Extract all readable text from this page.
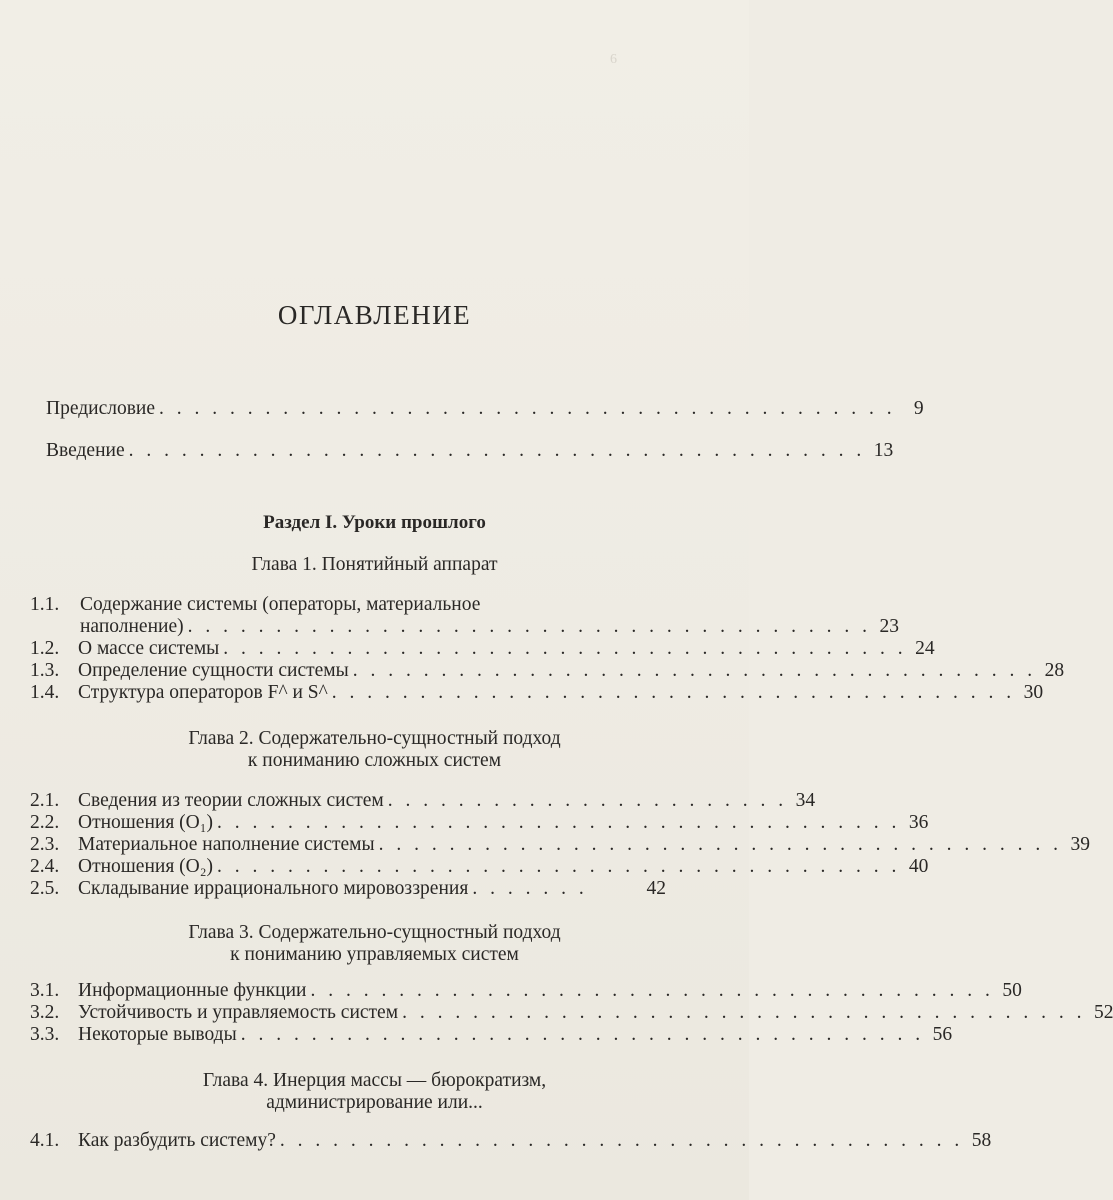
6
ОГЛАВЛЕНИЕ
Предисловие . . . . . . . . . . . . . . . . . . . . . . . . . . . . . . . . . . . . . . . . . . 9
Введение . . . . . . . . . . . . . . . . . . . . . . . . . . . . . . . . . . . . . . . . . . 13
Раздел I. Уроки прошлого
Глава 1. Понятийный аппарат
1.1. Содержание системы (операторы, материальное
наполнение) . . . . . . . . . . . . . . . . . . . . . . . . . . . . . . . . . . . . . . . 23
1.2. О массе системы . . . . . . . . . . . . . . . . . . . . . . . . . . . . . . . . . . . . . . . 24
1.3. Определение сущности системы . . . . . . . . . . . . . . . . . . . . . . . . . . . . . . . . . . . . . . . 28
1.4. Структура операторов F^ и S^ . . . . . . . . . . . . . . . . . . . . . . . . . . . . . . . . . . . . . . . 30
Глава 2. Содержательно-сущностный подход
к пониманию сложных систем
2.1. Сведения из теории сложных систем . . . . . . . . . . . . . . . . . . . . . . . 34
2.2. Отношения (O₁) . . . . . . . . . . . . . . . . . . . . . . . . . . . . . . . . . . . . . . . 36
2.3. Материальное наполнение системы . . . . . . . . . . . . . . . . . . . . . . . . . . . . . . . . . . . . . . . 39
2.4. Отношения (O₂) . . . . . . . . . . . . . . . . . . . . . . . . . . . . . . . . . . . . . . . 40
2.5. Складывание иррационального мировоззрения . . . . . . .	42
Глава 3. Содержательно-сущностный подход
к пониманию управляемых систем
3.1. Информационные функции . . . . . . . . . . . . . . . . . . . . . . . . . . . . . . . . . . . . . . . 50
3.2. Устойчивость и управляемость систем . . . . . . . . . . . . . . . . . . . . . . . . . . . . . . . . . . . . . . . 52
3.3. Некоторые выводы . . . . . . . . . . . . . . . . . . . . . . . . . . . . . . . . . . . . . . . 56
Глава 4. Инерция массы — бюрократизм,
администрирование или...
4.1. Как разбудить систему? . . . . . . . . . . . . . . . . . . . . . . . . . . . . . . . . . . . . . . . 58
